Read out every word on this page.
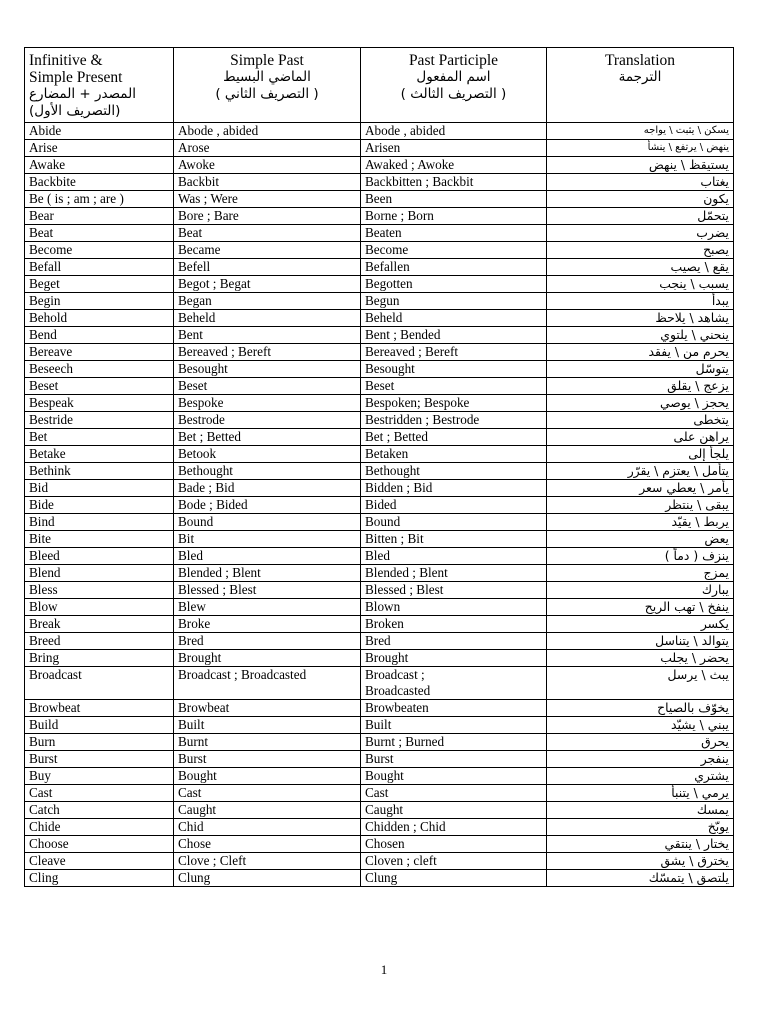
Infinitive &
Simple Present

المصدر + المضارع
(التصريف الأول)	Simple Past
الماضي البسيط
( التصريف الثاني )	Past Participle
اسم المفعول
( التصريف الثالث )	Translation
الترجمة

Abide	Abode , abided	Abode , abided	يسكن \ يثبت \ يواجه
Arise	Arose	Arisen	ينهض \ يرتفع \ ينشأ
Awake	Awoke	Awaked ; Awoke	يستيقظ \ ينهض
Backbite	Backbit	Backbitten ; Backbit	يغتاب
Be ( is ; am ; are )	Was ; Were	Been	يكون
Bear	Bore ; Bare	Borne ; Born	يتحمّل
Beat	Beat	Beaten	يضرب
Become	Became	Become	يصبح
Befall	Befell	Befallen	يقع \ يصيب
Beget	Begot ; Begat	Begotten	يسبب \ ينجب
Begin	Began	Begun	يبدأ
Behold	Beheld	Beheld	يشاهد \ يلاحظ
Bend	Bent	Bent ; Bended	ينحني \ يلتوي
Bereave	Bereaved ; Bereft	Bereaved ; Bereft	يحرم من \ يفقد
Beseech	Besought	Besought	يتوسّل
Beset	Beset	Beset	يزعج \ يقلق
Bespeak	Bespoke	Bespoken; Bespoke	يحجز \ يوصي
Bestride	Bestrode	Bestridden ; Bestrode	يتخطى
Bet	Bet ; Betted	Bet ; Betted	يراهن على
Betake	Betook	Betaken	يلجأ إلى
Bethink	Bethought	Bethought	يتأمل \ يعتزم \ يقرّر
Bid	Bade ; Bid	Bidden ; Bid	يأمر \ يعطي سعر
Bide	Bode ; Bided	Bided	يبقى \ ينتظر
Bind	Bound	Bound	يربط \ يقيّد
Bite	Bit	Bitten ; Bit	يعض
Bleed	Bled	Bled	ينزف ( دماً )
Blend	Blended ; Blent	Blended ; Blent	يمزج
Bless	Blessed ; Blest	Blessed ; Blest	يبارك
Blow	Blew	Blown	ينفخ \ تهب الريح
Break	Broke	Broken	يكسر
Breed	Bred	Bred	يتوالد \ يتناسل
Bring	Brought	Brought	يحضر \ يجلب
Broadcast	Broadcast ; Broadcasted	Broadcast ;
Broadcasted	يبث \ يرسل
Browbeat	Browbeat	Browbeaten	يخوّف بالصياح
Build	Built	Built	يبني \ يشيّد
Burn	Burnt	Burnt ; Burned	يحرق
Burst	Burst	Burst	ينفجر
Buy	Bought	Bought	يشتري
Cast	Cast	Cast	يرمي \ يتنبأ
Catch	Caught	Caught	يمسك
Chide	Chid	Chidden ; Chid	يوبّخ
Choose	Chose	Chosen	يختار \ ينتقي
Cleave	Clove ; Cleft	Cloven ; cleft	يخترق \ يشق
Cling	Clung	Clung	يلتصق \ يتمسّك
1
